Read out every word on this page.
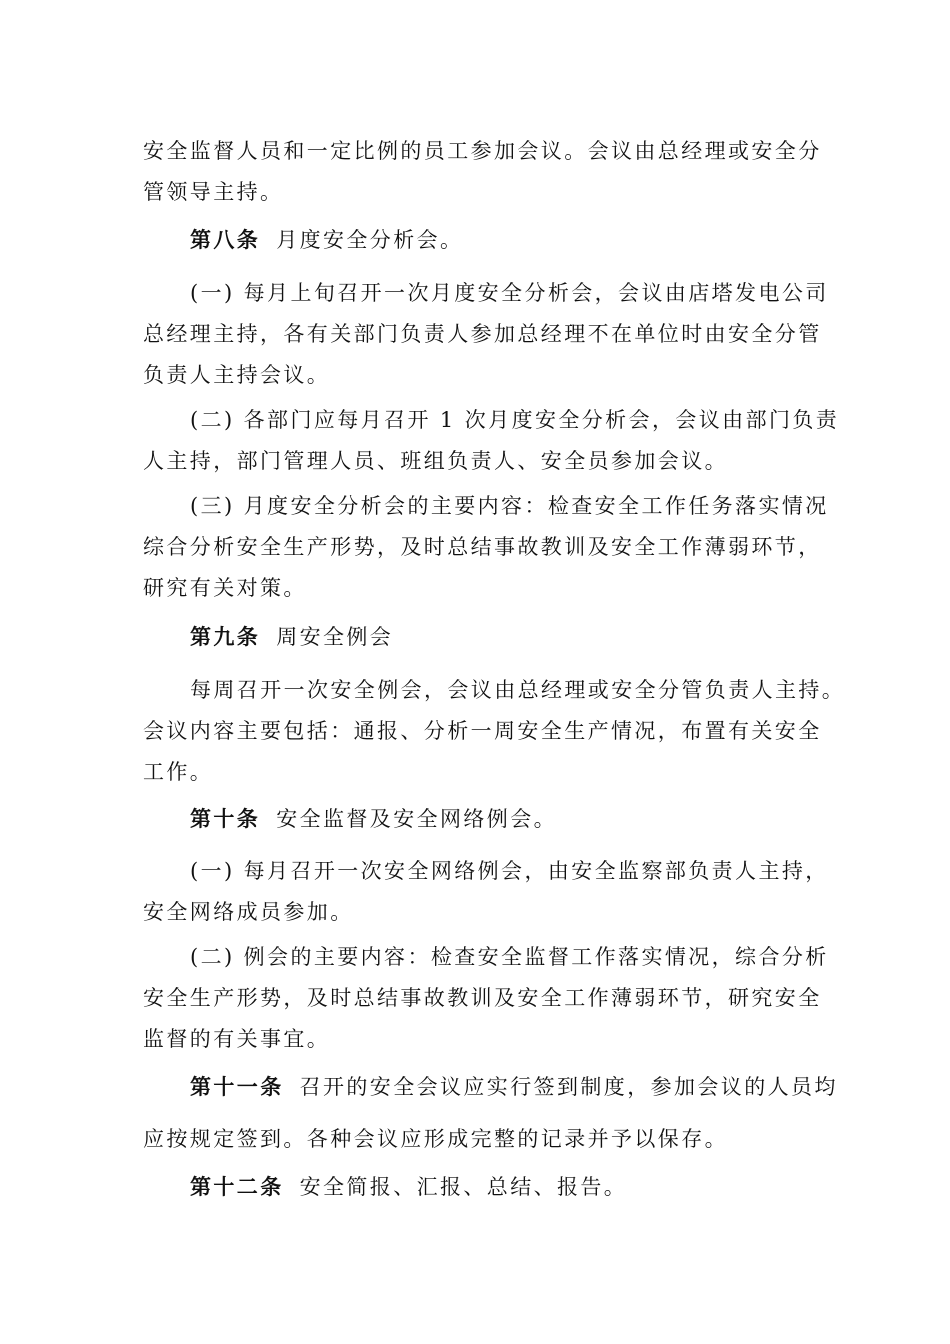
安全监督人员和一定比例的员工参加会议。会议由总经理或安全分
管领导主持。
第八条 月度安全分析会。
(一) 每月上旬召开一次月度安全分析会，会议由店塔发电公司
总经理主持，各有关部门负责人参加总经理不在单位时由安全分管
负责人主持会议。
(二) 各部门应每月召开 1 次月度安全分析会，会议由部门负责
人主持，部门管理人员、班组负责人、安全员参加会议。
(三) 月度安全分析会的主要内容：检查安全工作任务落实情况
综合分析安全生产形势，及时总结事故教训及安全工作薄弱环节，
研究有关对策。
第九条 周安全例会
每周召开一次安全例会，会议由总经理或安全分管负责人主持。
会议内容主要包括：通报、分析一周安全生产情况，布置有关安全
工作。
第十条 安全监督及安全网络例会。
(一) 每月召开一次安全网络例会，由安全监察部负责人主持，
安全网络成员参加。
(二) 例会的主要内容：检查安全监督工作落实情况，综合分析
安全生产形势，及时总结事故教训及安全工作薄弱环节，研究安全
监督的有关事宜。
第十一条 召开的安全会议应实行签到制度，参加会议的人员均
应按规定签到。各种会议应形成完整的记录并予以保存。
第十二条 安全简报、汇报、总结、报告。
